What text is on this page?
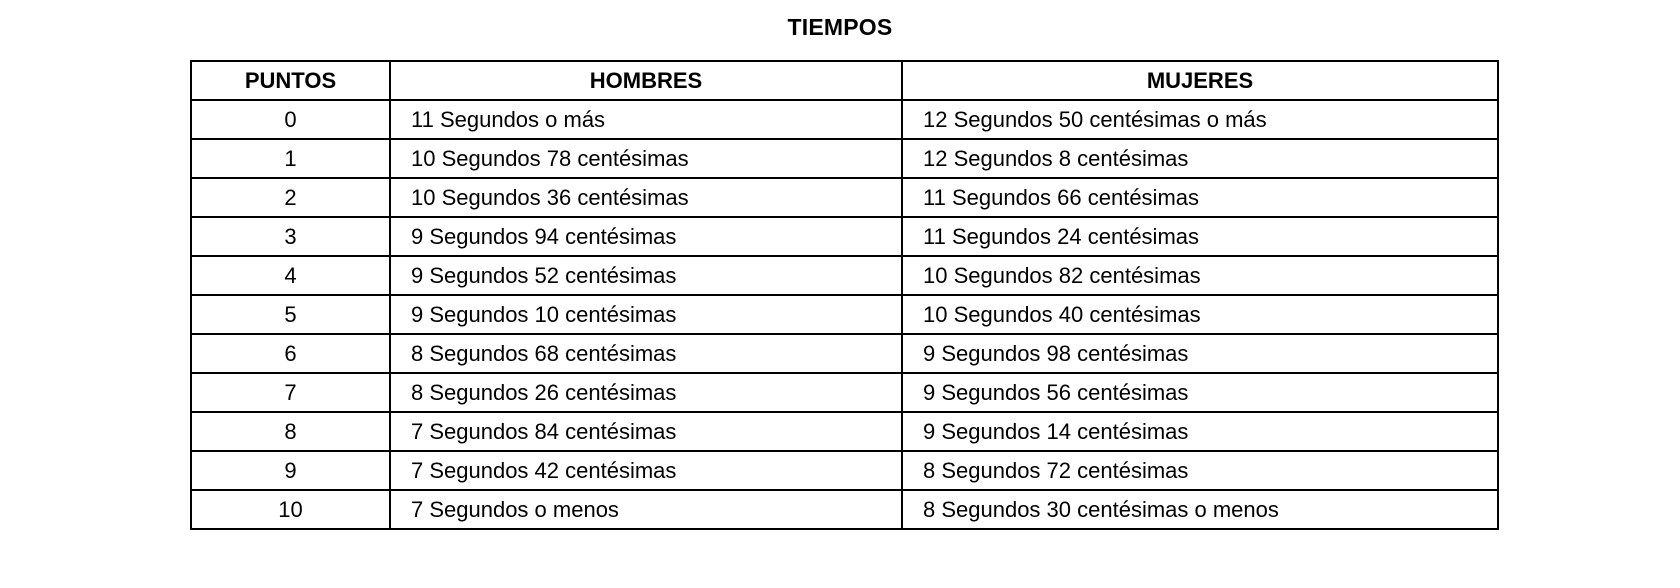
TIEMPOS
PUNTOS	HOMBRES	MUJERES
0	11 Segundos o más	12 Segundos 50 centésimas o más
1	10 Segundos 78 centésimas	12 Segundos 8 centésimas
2	10 Segundos 36 centésimas	11 Segundos 66 centésimas
3	9 Segundos 94 centésimas	11 Segundos 24 centésimas
4	9 Segundos 52 centésimas	10 Segundos 82 centésimas
5	9 Segundos 10 centésimas	10 Segundos 40 centésimas
6	8 Segundos 68 centésimas	9 Segundos 98 centésimas
7	8 Segundos 26 centésimas	9 Segundos 56 centésimas
8	7 Segundos 84 centésimas	9 Segundos 14 centésimas
9	7 Segundos 42 centésimas	8 Segundos 72 centésimas
10	7 Segundos o menos	8 Segundos 30 centésimas o menos
